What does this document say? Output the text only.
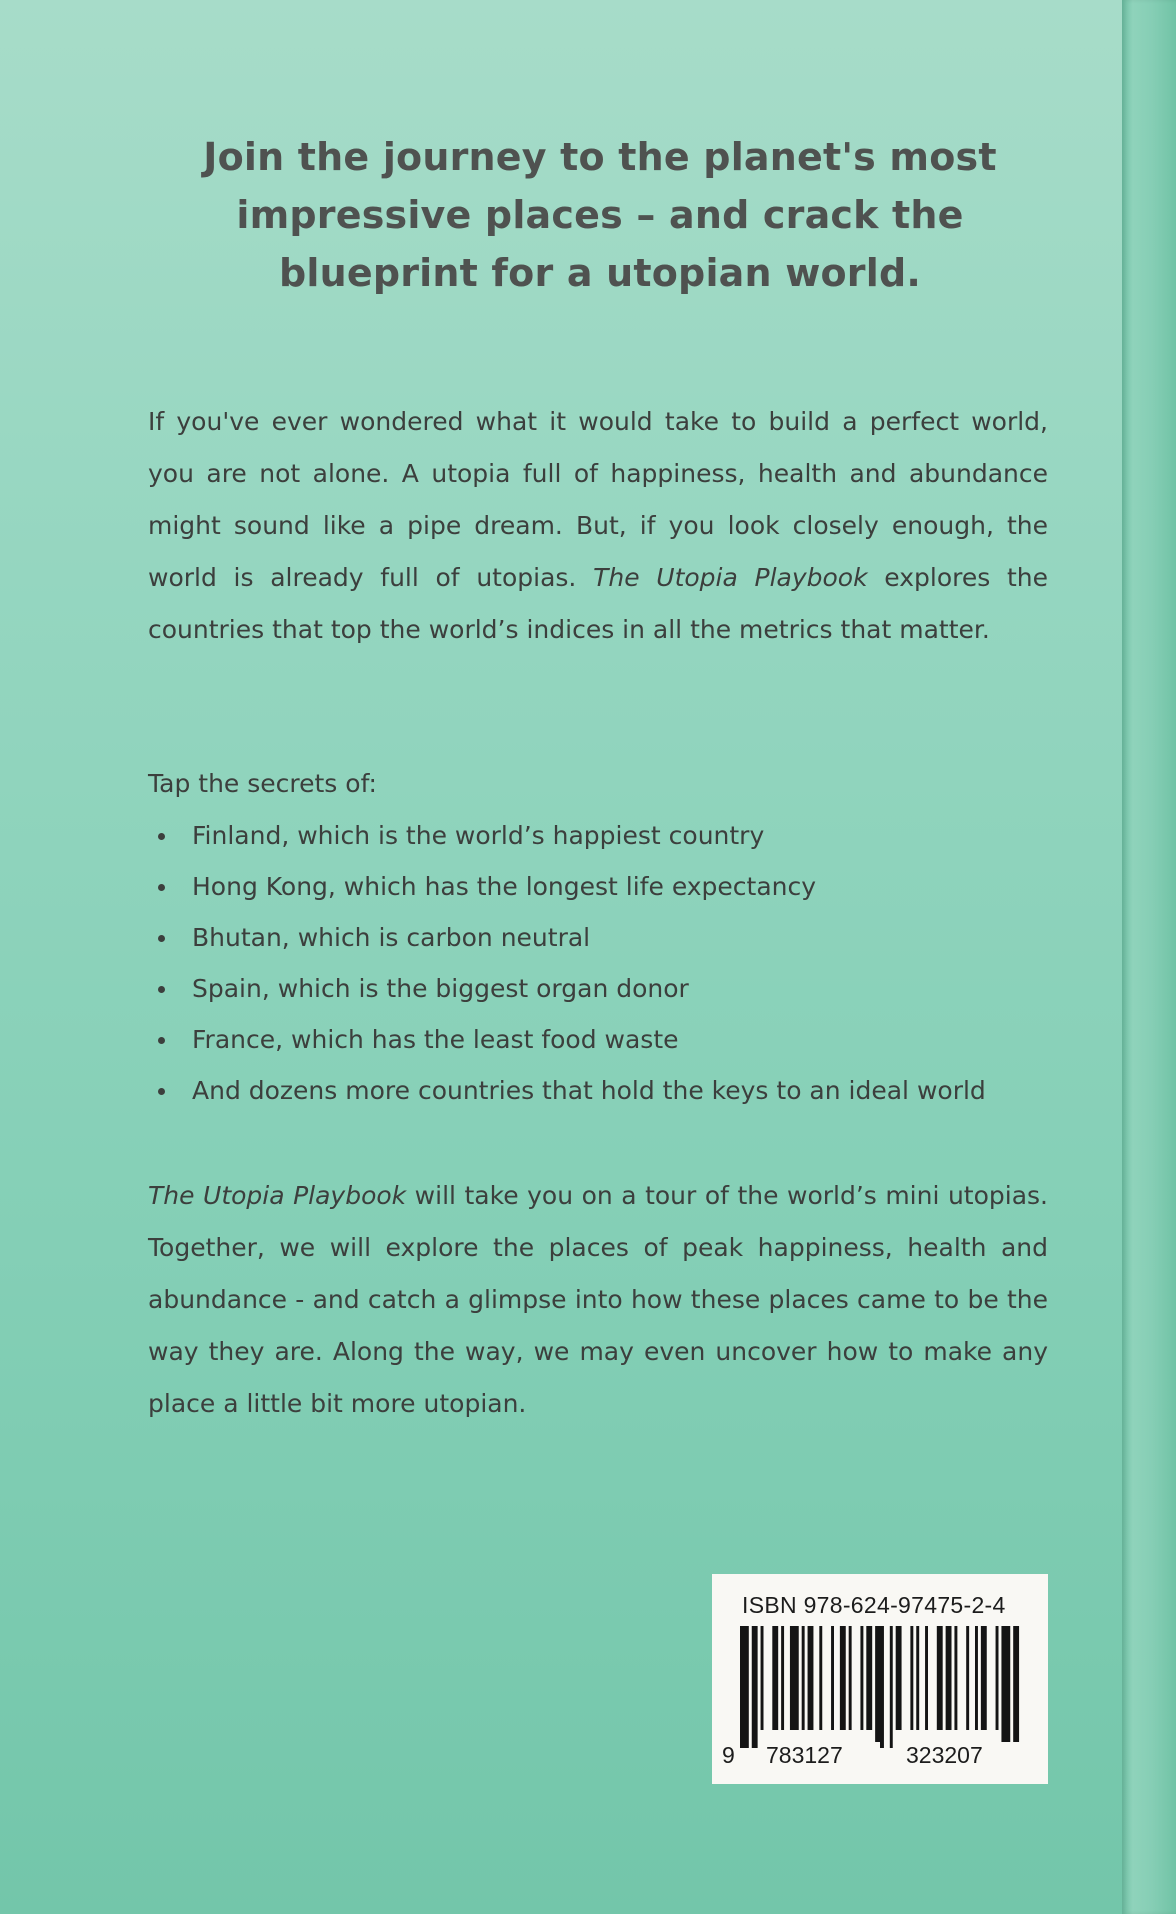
Join the journey to the planet's most
impressive places – and crack the
blueprint for a utopian world.
If you've ever wondered what it would take to build a perfect world, you are not alone. A utopia full of happiness, health and abundance might sound like a pipe dream. But, if you look closely enough, the world is already full of utopias. The Utopia Playbook explores the countries that top the world’s indices in all the metrics that matter.
Tap the secrets of:
Finland, which is the world’s happiest country
Hong Kong, which has the longest life expectancy
Bhutan, which is carbon neutral
Spain, which is the biggest organ donor
France, which has the least food waste
And dozens more countries that hold the keys to an ideal world
The Utopia Playbook will take you on a tour of the world’s mini utopias. Together, we will explore the places of peak happiness, health and abundance - and catch a glimpse into how these places came to be the way they are. Along the way, we may even uncover how to make any place a little bit more utopian.
ISBN 978-624-97475-2-4
9 783127	323207
